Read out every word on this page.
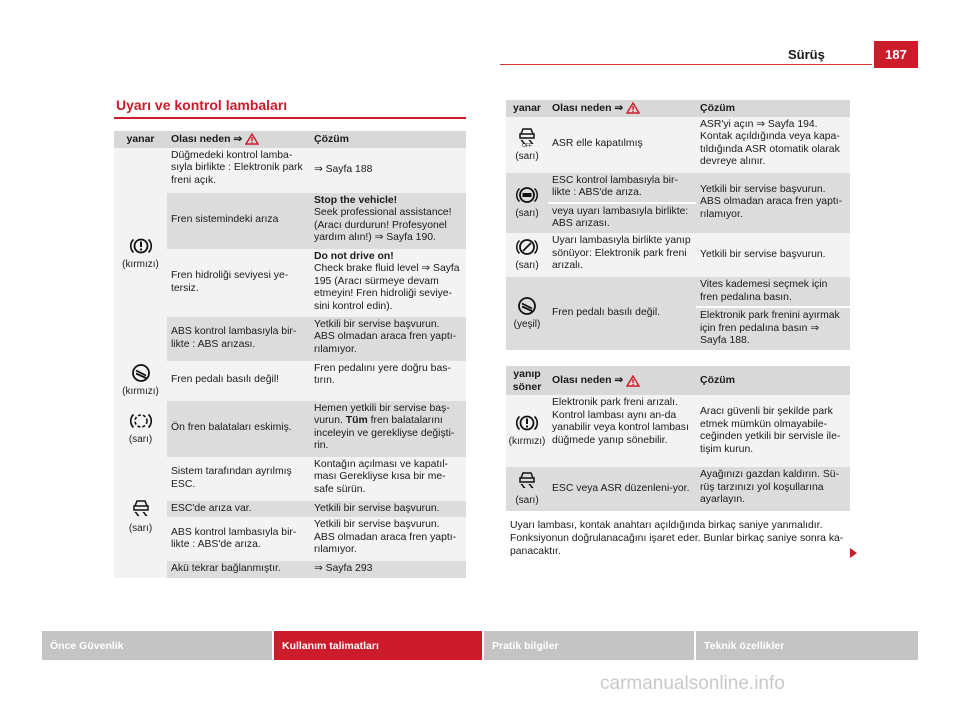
Sürüş	187
Uyarı ve kontrol lambaları
yanar	Olası neden ⇒	Çözüm

(kırmızı)	Düğmedeki kontrol lamba-sıyla birlikte : Elektronik park freni açık.	⇒ Sayfa 188
	Fren sistemindeki arıza	Stop the vehicle!
Seek professional assistance! (Aracı durdurun! Profesyonel yardım alın!) ⇒ Sayfa 190.
	Fren hidroliği seviyesi ye-tersiz.	Do not drive on!
Check brake fluid level ⇒ Sayfa 195 (Aracı sürmeye devam etmeyin! Fren hidroliği seviye-sini kontrol edin).
	ABS kontrol lambasıyla bir-likte : ABS arızası.	Yetkili bir servise başvurun. ABS olmadan araca fren yaptı-rılamıyor.

(kırmızı)	Fren pedalı basılı değil!	Fren pedalını yere doğru bas-tırın.

(sarı)	Ön fren balataları eskimiş.	Hemen yetkili bir servise baş-vurun. Tüm fren balatalarını inceleyin ve gerekliyse değişti-rin.

(sarı)	Sistem tarafından ayrılmış ESC.	Kontağın açılması ve kapatıl-ması Gerekliyse kısa bir me-safe sürün.
	ESC'de arıza var.	Yetkili bir servise başvurun.
	ABS kontrol lambasıyla bir-likte : ABS'de arıza.	Yetkili bir servise başvurun. ABS olmadan araca fren yaptı-rılamıyor.
	Akü tekrar bağlanmıştır.	⇒ Sayfa 293
yanar	Olası neden ⇒	Çözüm

OFF
(sarı)	ASR elle kapatılmış	ASR'yi açın ⇒ Sayfa 194. Kontak açıldığında veya kapa-tıldığında ASR otomatik olarak devreye alınır.

(sarı)	ESC kontrol lambasıyla bir-likte : ABS'de arıza.
veya uyarı lambasıyla birlikte: ABS arızası.	Yetkili bir servise başvurun. ABS olmadan araca fren yaptı-rılamıyor.

(sarı)	Uyarı lambasıyla birlikte yanıp sönüyor: Elektronik park freni arızalı.	Yetkili bir servise başvurun.

(yeşil)	Fren pedalı basılı değil.	Vites kademesi seçmek için fren pedalına basın.
Elektronik park frenini ayırmak için fren pedalına basın ⇒ Sayfa 188.
yanıp söner	Olası neden ⇒	Çözüm

(kırmızı)	Elektronik park freni arızalı. Kontrol lambası aynı an-da yanabilir veya kontrol lambası düğmede yanıp sönebilir.	Aracı güvenli bir şekilde park etmek mümkün olmayabile-ceğinden yetkili bir servisle ile-tişim kurun.

(sarı)	ESC veya ASR düzenleni-yor.	Ayağınızı gazdan kaldırın. Sü-rüş tarzınızı yol koşullarına ayarlayın.
Uyarı lambası, kontak anahtarı açıldığında birkaç saniye yanmalıdır. Fonksiyonun doğrulanacağını işaret eder. Bunlar birkaç saniye sonra ka-panacaktır.
Önce Güvenlik	Kullanım talimatları	Pratik bilgiler	Teknik özellikler
carmanualsonline.info
